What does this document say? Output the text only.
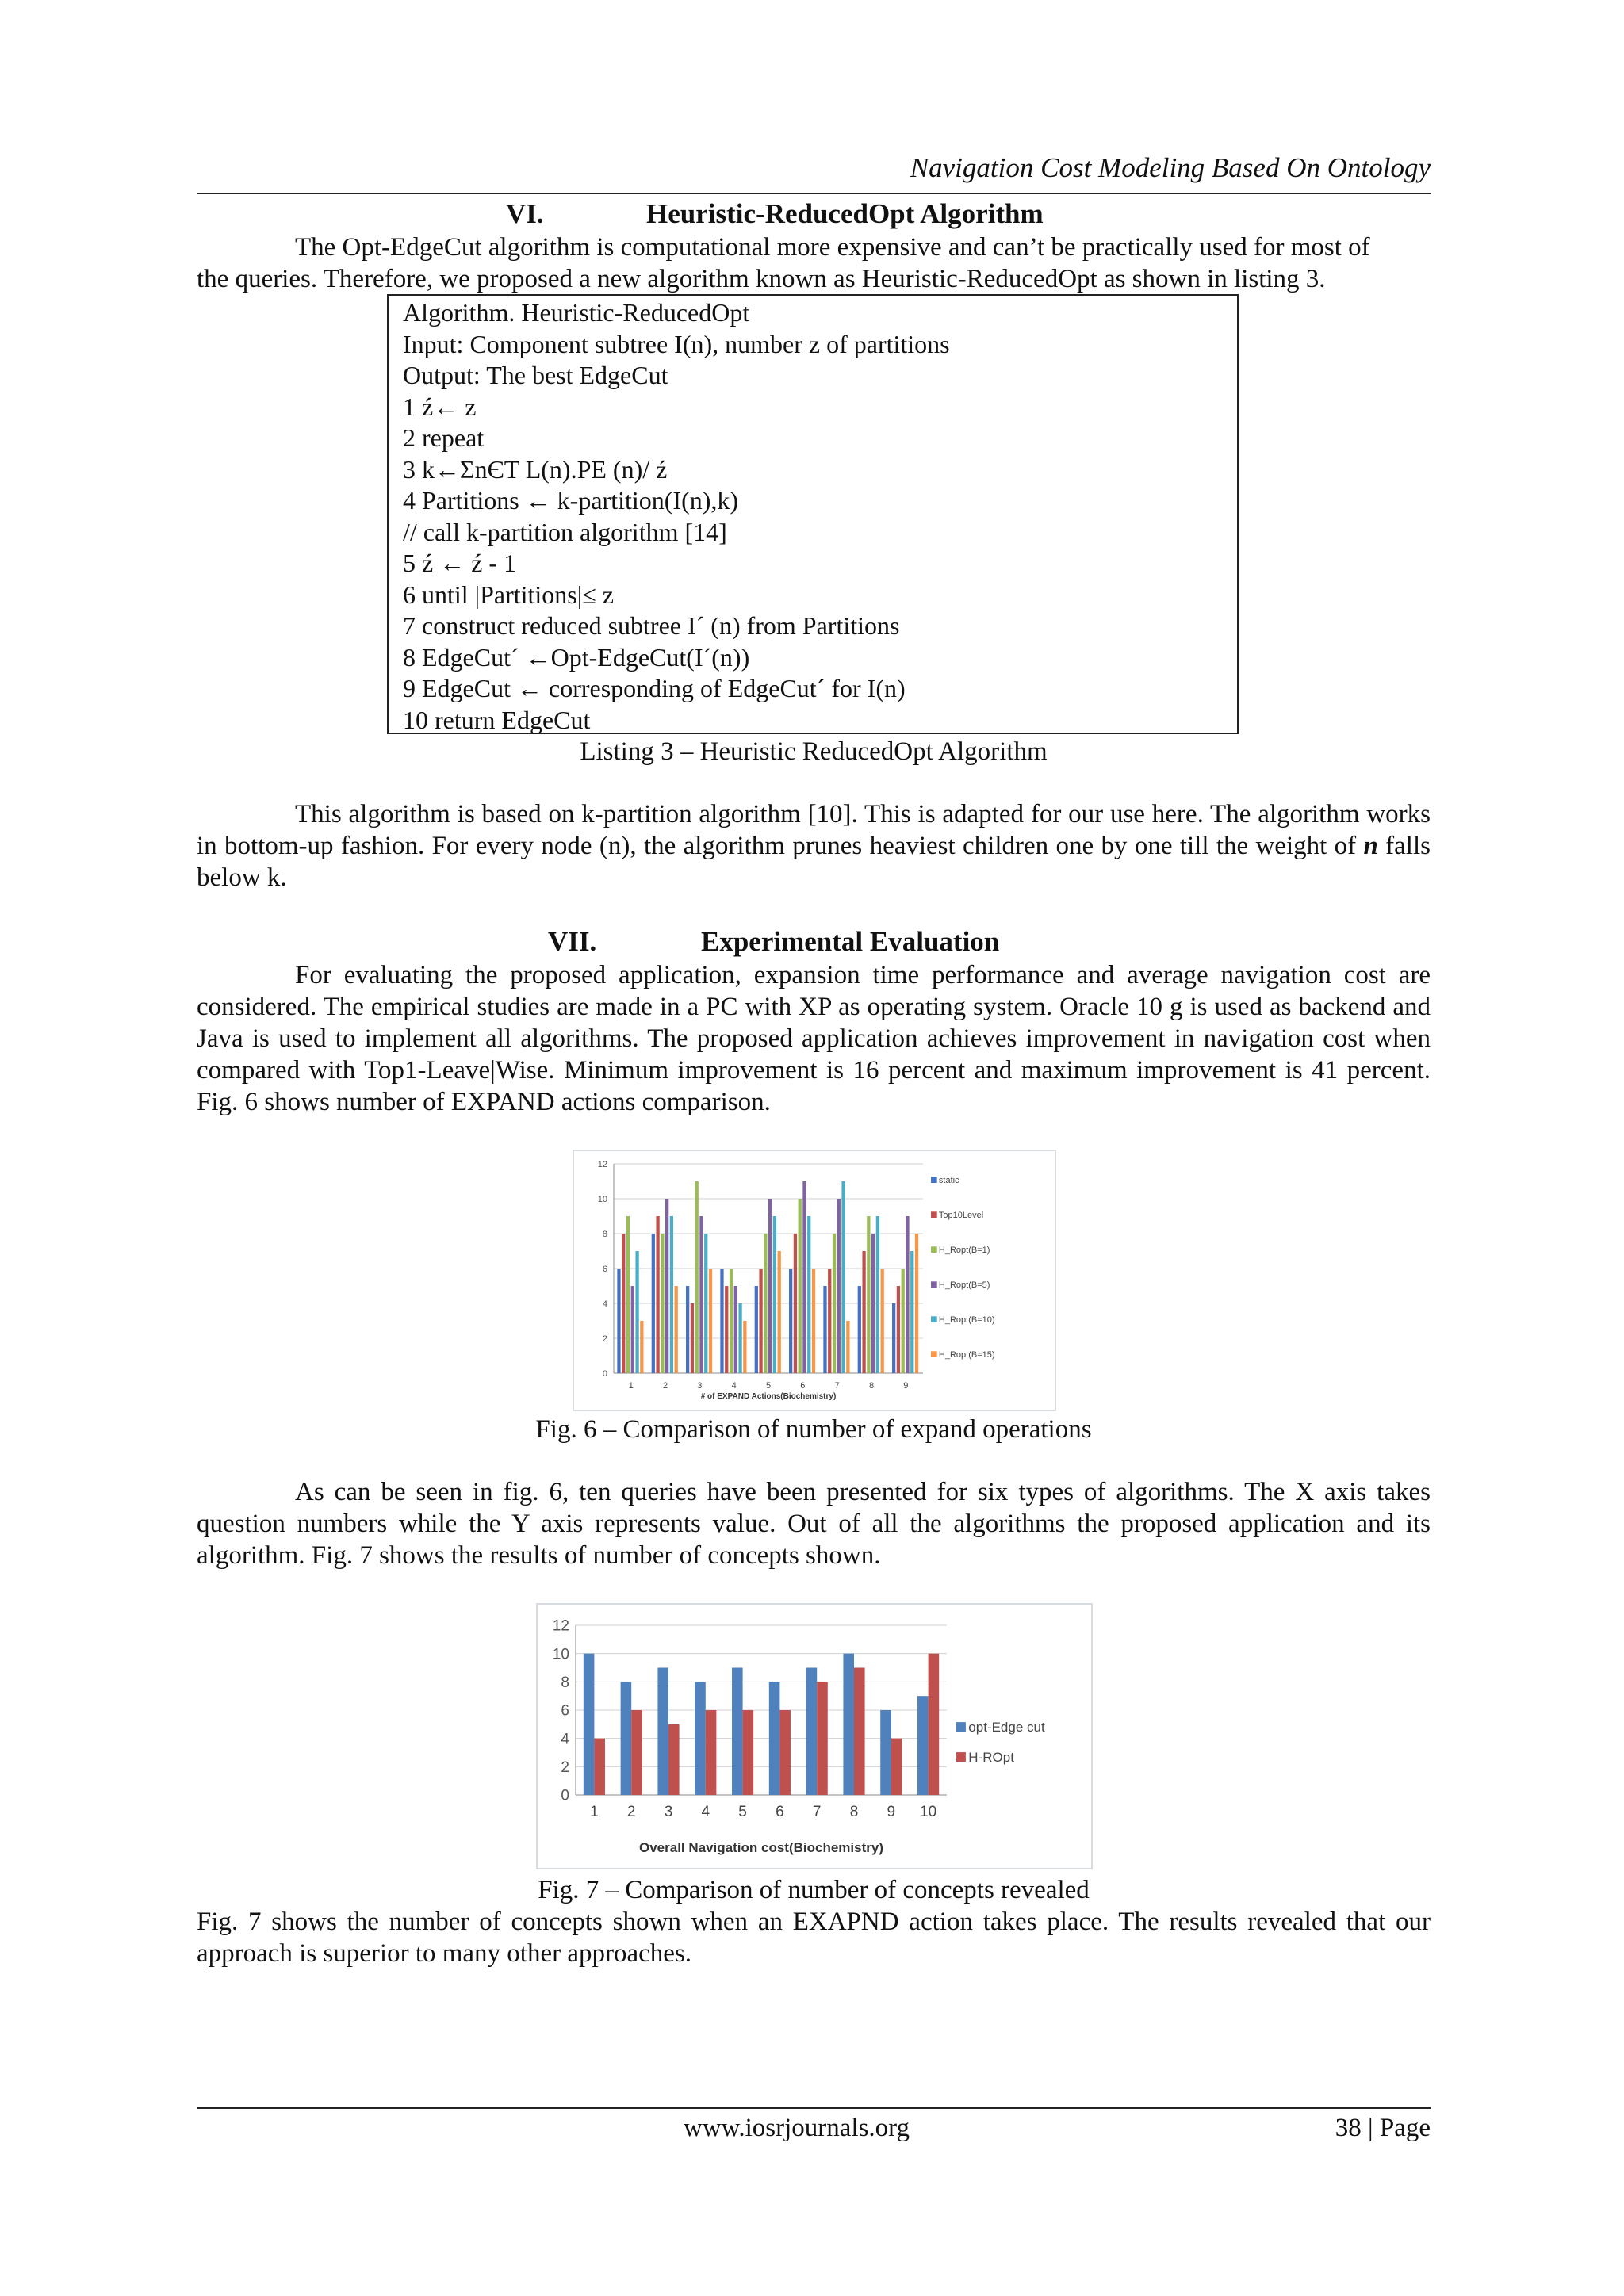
Navigation Cost Modeling Based On Ontology
VI.	Heuristic-ReducedOpt Algorithm
The Opt-EdgeCut algorithm is computational more expensive and can’t be practically used for most of
the queries. Therefore, we proposed a new algorithm known as Heuristic-ReducedOpt as shown in listing 3.
Algorithm. Heuristic-ReducedOpt
Input: Component subtree I(n), number z of partitions
Output: The best EdgeCut
1 ź← z
2 repeat
3 k←ΣnЄT L(n).PE (n)/ ź
4 Partitions ← k-partition(I(n),k)
// call k-partition algorithm [14]
5 ź ← ź - 1
6 until |Partitions|≤ z
7 construct reduced subtree I´ (n) from Partitions
8 EdgeCut´ ←Opt-EdgeCut(I´(n))
9 EdgeCut ← corresponding of EdgeCut´ for I(n)
10 return EdgeCut
Listing 3 – Heuristic ReducedOpt Algorithm
This algorithm is based on k-partition algorithm [10]. This is adapted for our use here. The algorithm works in bottom-up fashion. For every node (n), the algorithm prunes heaviest children one by one till the weight of n falls below k.
VII.	Experimental Evaluation
For evaluating the proposed application, expansion time performance and average navigation cost are considered. The empirical studies are made in a PC with XP as operating system. Oracle 10 g is used as backend and Java is used to implement all algorithms. The proposed application achieves improvement in navigation cost when compared with Top1-Leave|Wise. Minimum improvement is 16 percent and maximum improvement is 41 percent. Fig. 6 shows number of EXPAND actions comparison.
0
2
4
6
8
10
12
1	2	3	4	5	6	7	8	9
# of EXPAND Actions(Biochemistry)
static
Top10Level
H_Ropt(B=1)
H_Ropt(B=5)
H_Ropt(B=10)
H_Ropt(B=15)
Fig. 6 – Comparison of number of expand operations
As can be seen in fig. 6, ten queries have been presented for six types of algorithms. The X axis takes question numbers while the Y axis represents value. Out of all the algorithms the proposed application and its algorithm. Fig. 7 shows the results of number of concepts shown.
0
2
4
6
8
10
12
1 2 3 4 5 6 7 8 9 10
Overall Navigation cost(Biochemistry)
opt-Edge cut
H-ROpt
Fig. 7 – Comparison of number of concepts revealed
Fig. 7 shows the number of concepts shown when an EXAPND action takes place. The results revealed that our approach is superior to many other approaches.
www.iosrjournals.org	38 | Page
